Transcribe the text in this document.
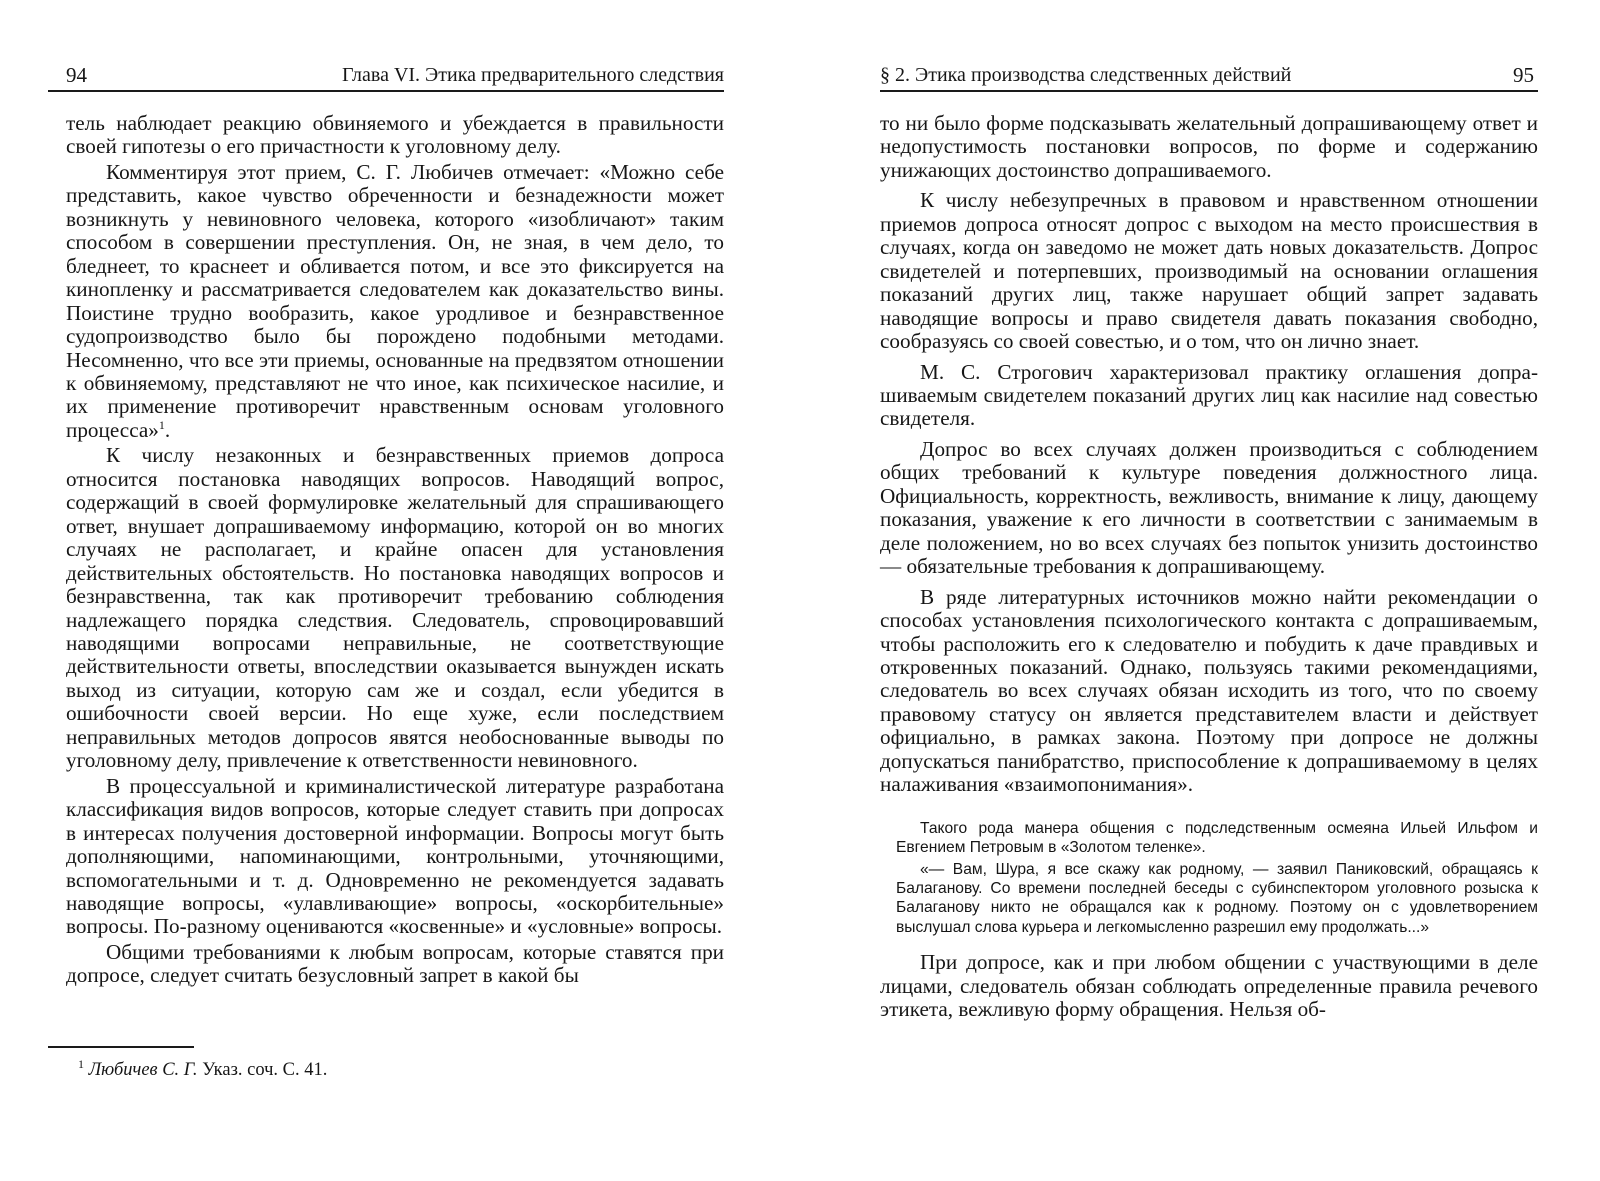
94	Глава VI. Этика предварительного следствия

тель наблюдает реакцию обвиняемого и убеждается в правильности своей гипотезы о его причастности к уголовному делу.

Комментируя этот прием, С. Г. Любичев отмечает: «Можно себе представить, какое чувство обреченности и безнадежности может возникнуть у невиновного человека, которого «изобличают» таким способом в совершении преступления. Он, не зная, в чем дело, то бледнеет, то краснеет и обливается потом, и все это фиксируется на кинопленку и рассматривается следователем как доказательство вины. Поистине трудно вообразить, какое уродливое и безнравственное судопроизводство было бы порождено подобными методами. Несомненно, что все эти приемы, основанные на предвзятом отношении к обвиняемому, представляют не что иное, как психическое насилие, и их применение противоречит нравственным основам уголовного процесса»$^1$.

К числу незаконных и безнравственных приемов допроса относится постановка наводящих вопросов. Наводящий вопрос, содержащий в своей формулировке желательный для спрашивающего ответ, внушает допрашиваемому информацию, которой он во многих случаях не располагает, и крайне опасен для установления действительных обстоятельств. Но постановка наводящих вопросов и безнравственна, так как противоречит требованию соблюдения надлежащего порядка следствия. Следователь, спровоцировавший наводящими вопросами неправильные, не соответствующие действительности ответы, впоследствии оказывается вынужден искать выход из ситуации, которую сам же и создал, если убедится в ошибочности своей версии. Но еще хуже, если последствием неправильных методов допросов явятся необоснованные выводы по уголовному делу, привлечение к ответственности невиновного.

В процессуальной и криминалистической литературе разработана классификация видов вопросов, которые следует ставить при допросах в интересах получения достоверной информации. Вопросы могут быть дополняющими, напоминающими, контрольными, уточняющими, вспомогательными и т. д. Одновременно не рекомендуется задавать наводящие вопросы, «улавливающие» вопросы, «оскорбительные» вопросы. По-разному оцениваются «косвенные» и «условные» вопросы.

Общими требованиями к любым вопросам, которые ставятся при допросе, следует считать безусловный запрет в какой бы

$^1$ Любичев С. Г. Указ. соч. С. 41.
§ 2. Этика производства следственных действий	95

то ни было форме подсказывать желательный допрашивающему ответ и недопустимость постановки вопросов, по форме и содержанию унижающих достоинство допрашиваемого.

К числу небезупречных в правовом и нравственном отношении приемов допроса относят допрос с выходом на место происшествия в случаях, когда он заведомо не может дать новых доказательств. Допрос свидетелей и потерпевших, производимый на основании оглашения показаний других лиц, также нарушает общий запрет задавать наводящие вопросы и право свидетеля давать показания свободно, сообразуясь со своей совестью, и о том, что он лично знает.

М. С. Строгович характеризовал практику оглашения допрашиваемым свидетелем показаний других лиц как насилие над совестью свидетеля.

Допрос во всех случаях должен производиться с соблюдением общих требований к культуре поведения должностного лица. Официальность, корректность, вежливость, внимание к лицу, дающему показания, уважение к его личности в соответствии с занимаемым в деле положением, но во всех случаях без попыток унизить достоинство — обязательные требования к допрашивающему.

В ряде литературных источников можно найти рекомендации о способах установления психологического контакта с допрашиваемым, чтобы расположить его к следователю и побудить к даче правдивых и откровенных показаний. Однако, пользуясь такими рекомендациями, следователь во всех случаях обязан исходить из того, что по своему правовому статусу он является представителем власти и действует официально, в рамках закона. Поэтому при допросе не должны допускаться панибратство, приспособление к допрашиваемому в целях налаживания «взаимопонимания».

Такого рода манера общения с подследственным осмеяна Ильей Ильфом и Евгением Петровым в «Золотом теленке».

«— Вам, Шура, я все скажу как родному, — заявил Паниковский, обращаясь к Балаганову. Со времени последней беседы с субинспектором уголовного розыска к Балаганову никто не обращался как к родному. Поэтому он с удовлетворением выслушал слова курьера и легкомысленно разрешил ему продолжать...»

При допросе, как и при любом общении с участвующими в деле лицами, следователь обязан соблюдать определенные правила речевого этикета, вежливую форму обращения. Нельзя об-
